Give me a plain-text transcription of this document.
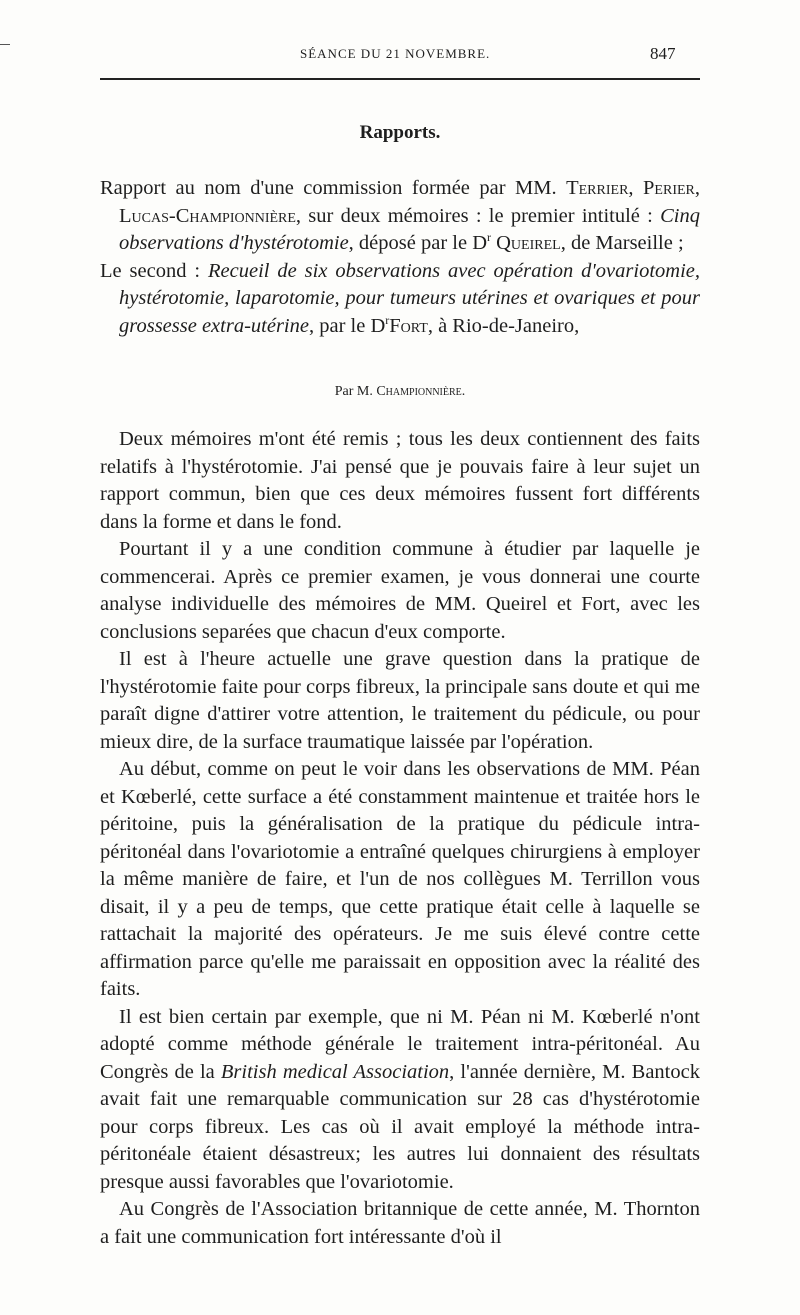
SÉANCE DU 21 NOVEMBRE.	847
Rapports.

Rapport au nom d'une commission formée par MM. Terrier, Perier, Lucas-Championnière, sur deux mémoires : le premier intitulé : Cinq observations d'hystérotomie, déposé par le $D^r$ Queirel, de Marseille ;

Le second : Recueil de six observations avec opération d'ovariotomie, hystérotomie, laparotomie, pour tumeurs utérines et ovariques et pour grossesse extra-utérine, par le $D^rFort$, à Rio-de-Janeiro,

Par M. Championnière.

Deux mémoires m'ont été remis ; tous les deux contiennent des faits relatifs à l'hystérotomie. J'ai pensé que je pouvais faire à leur sujet un rapport commun, bien que ces deux mémoires fussent fort différents dans la forme et dans le fond.

Pourtant il y a une condition commune à étudier par laquelle je commencerai. Après ce premier examen, je vous donnerai une courte analyse individuelle des mémoires de MM. Queirel et Fort, avec les conclusions separées que chacun d'eux comporte.

Il est à l'heure actuelle une grave question dans la pratique de l'hystérotomie faite pour corps fibreux, la principale sans doute et qui me paraît digne d'attirer votre attention, le traitement du pédicule, ou pour mieux dire, de la surface traumatique laissée par l'opération.

Au début, comme on peut le voir dans les observations de MM. Péan et Kœberlé, cette surface a été constamment maintenue et traitée hors le péritoine, puis la généralisation de la pratique du pédicule intra-péritonéal dans l'ovariotomie a entraîné quelques chirurgiens à employer la même manière de faire, et l'un de nos collègues M. Terrillon vous disait, il y a peu de temps, que cette pratique était celle à laquelle se rattachait la majorité des opérateurs. Je me suis élevé contre cette affirmation parce qu'elle me paraissait en opposition avec la réalité des faits.

Il est bien certain par exemple, que ni M. Péan ni M. Kœberlé n'ont adopté comme méthode générale le traitement intra-péritonéal. Au Congrès de la British medical Association, l'année dernière, M. Bantock avait fait une remarquable communication sur 28 cas d'hystérotomie pour corps fibreux. Les cas où il avait employé la méthode intra-péritonéale étaient désastreux; les autres lui donnaient des résultats presque aussi favorables que l'ovariotomie.

Au Congrès de l'Association britannique de cette année, M. Thornton a fait une communication fort intéressante d'où il
